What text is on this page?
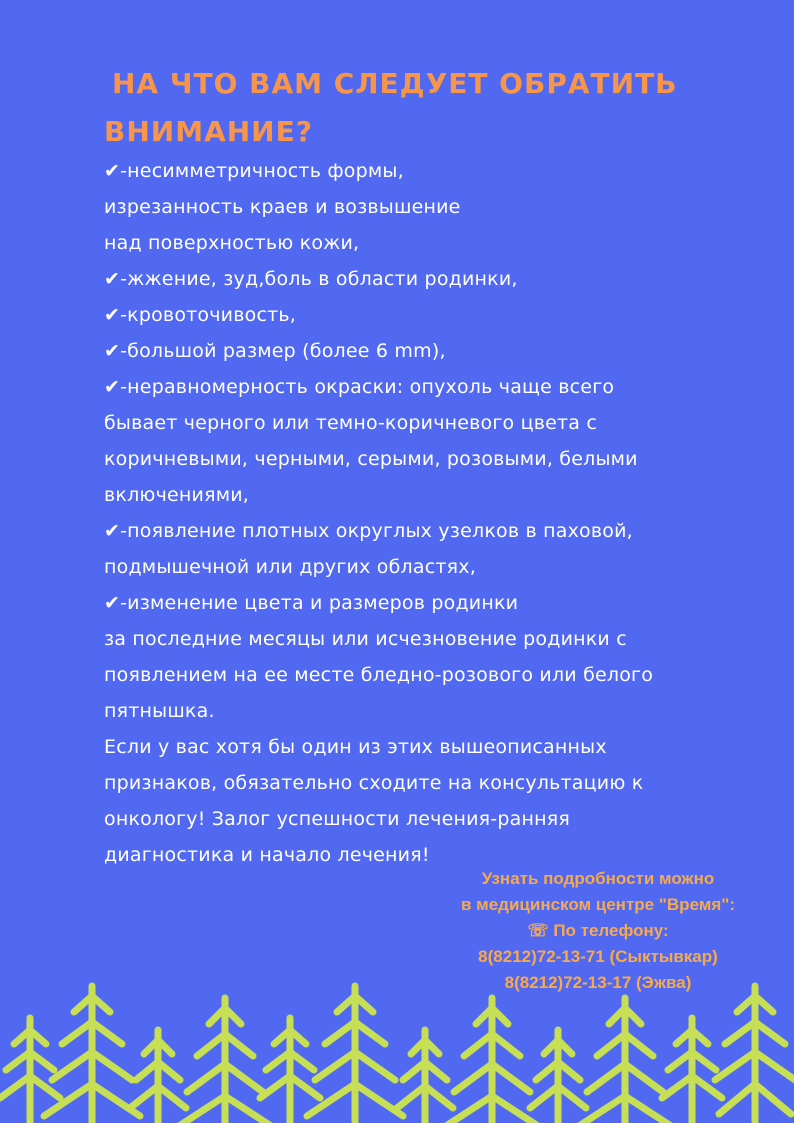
НА ЧТО ВАМ СЛЕДУЕТ ОБРАТИТЬ
ВНИМАНИЕ?
✔-несимметричность формы,
изрезанность краев и возвышение
над поверхностью кожи,
✔-жжение, зуд,боль в области родинки,
✔-кровоточивость,
✔-большой размер (более 6 mm),
✔-неравномерность окраски: опухоль чаще всего
бывает черного или темно-коричневого цвета с
коричневыми, черными, серыми, розовыми, белыми
включениями,
✔-появление плотных округлых узелков в паховой,
подмышечной или других областях,
✔-изменение цвета и размеров родинки
за последние месяцы или исчезновение родинки с
появлением на ее месте бледно-розового или белого
пятнышка.
Если у вас хотя бы один из этих вышеописанных
признаков, обязательно сходите на консультацию к
онкологу! Залог успешности лечения-ранняя
диагностика и начало лечения!
Узнать подробности можно
в медицинском центре "Время":
☏ По телефону:
8(8212)72-13-71 (Сыктывкар)
8(8212)72-13-17 (Эжва)
